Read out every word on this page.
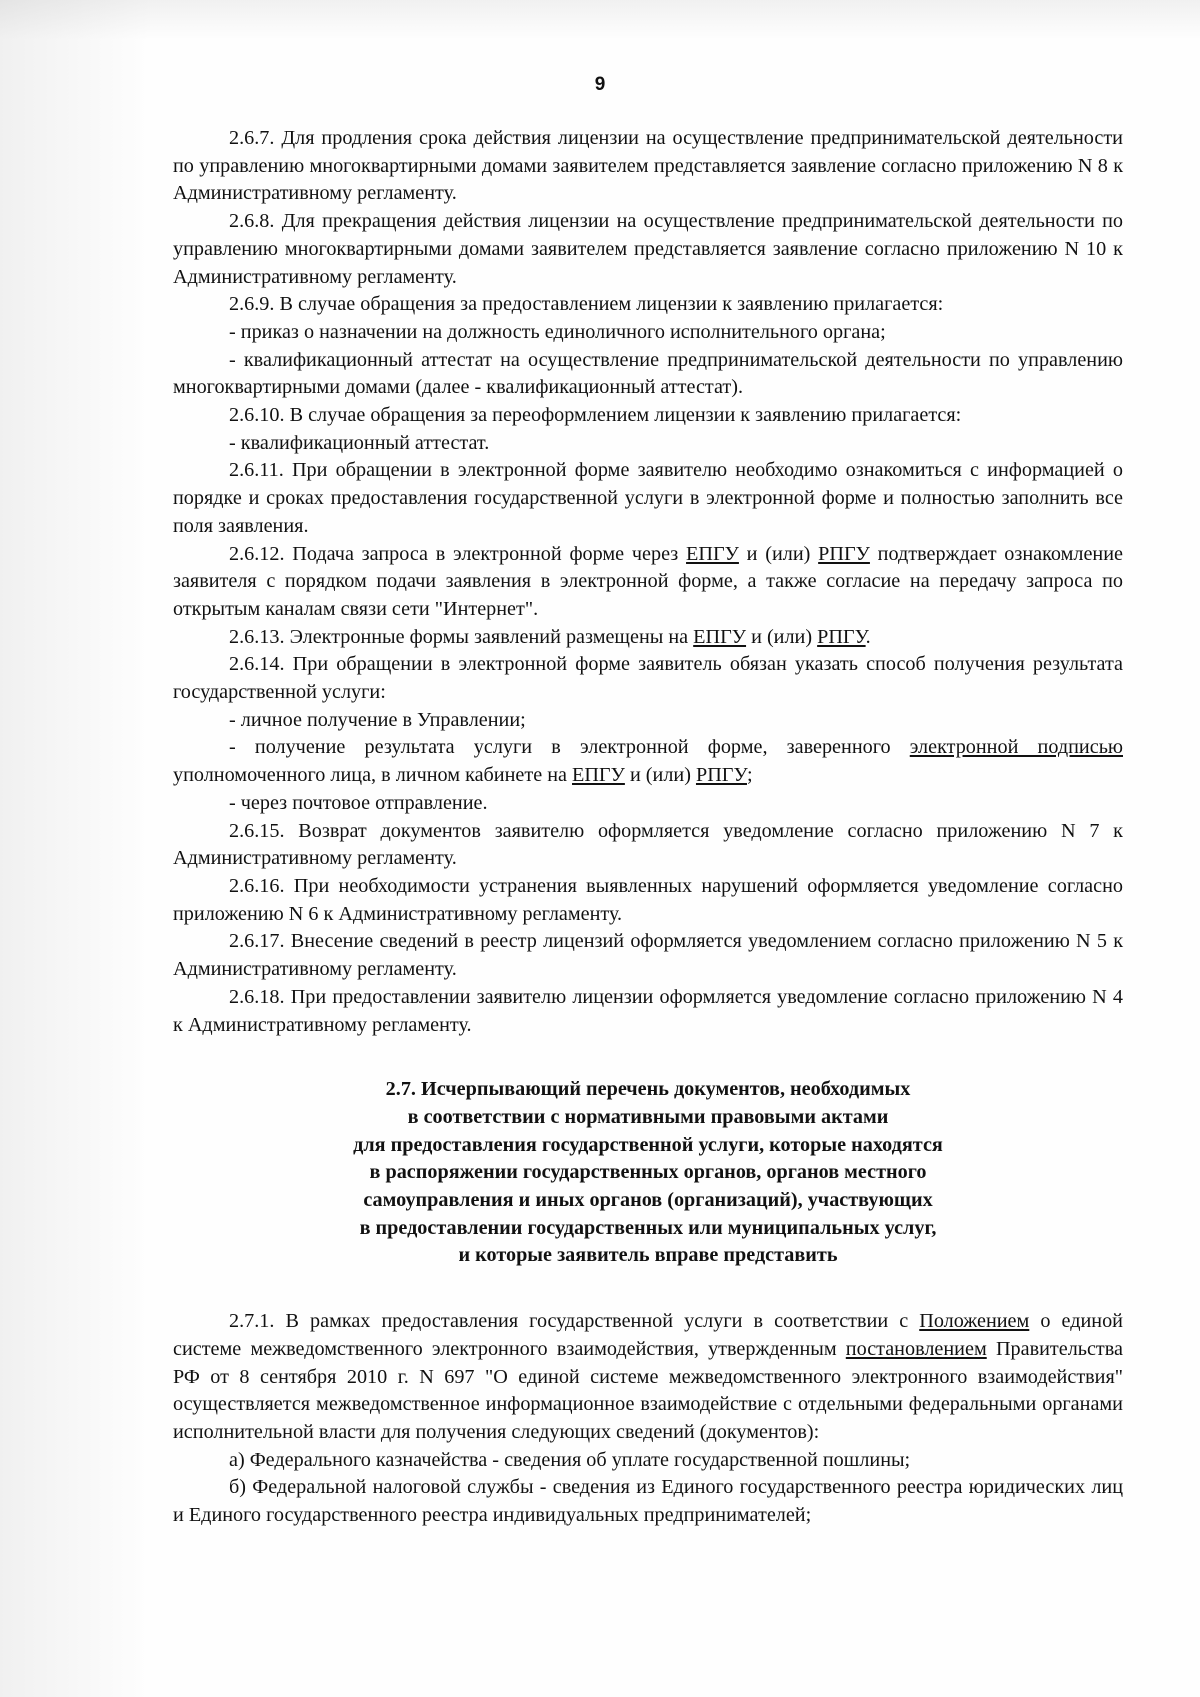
9

2.6.7. Для продления срока действия лицензии на осуществление предпринимательской деятельности по управлению многоквартирными домами заявителем представляется заявление согласно приложению N 8 к Административному регламенту.

2.6.8. Для прекращения действия лицензии на осуществление предпринимательской деятельности по управлению многоквартирными домами заявителем представляется заявление согласно приложению N 10 к Административному регламенту.

2.6.9. В случае обращения за предоставлением лицензии к заявлению прилагается:

- приказ о назначении на должность единоличного исполнительного органа;

- квалификационный аттестат на осуществление предпринимательской деятельности по управлению многоквартирными домами (далее - квалификационный аттестат).

2.6.10. В случае обращения за переоформлением лицензии к заявлению прилагается:

- квалификационный аттестат.

2.6.11. При обращении в электронной форме заявителю необходимо ознакомиться с информацией о порядке и сроках предоставления государственной услуги в электронной форме и полностью заполнить все поля заявления.

2.6.12. Подача запроса в электронной форме через ЕПГУ и (или) РПГУ подтверждает ознакомление заявителя с порядком подачи заявления в электронной форме, а также согласие на передачу запроса по открытым каналам связи сети "Интернет".

2.6.13. Электронные формы заявлений размещены на ЕПГУ и (или) РПГУ.

2.6.14. При обращении в электронной форме заявитель обязан указать способ получения результата государственной услуги:

- личное получение в Управлении;

- получение результата услуги в электронной форме, заверенного электронной подписью уполномоченного лица, в личном кабинете на ЕПГУ и (или) РПГУ;

- через почтовое отправление.

2.6.15. Возврат документов заявителю оформляется уведомление согласно приложению N 7 к Административному регламенту.

2.6.16. При необходимости устранения выявленных нарушений оформляется уведомление согласно приложению N 6 к Административному регламенту.

2.6.17. Внесение сведений в реестр лицензий оформляется уведомлением согласно приложению N 5 к Административному регламенту.

2.6.18. При предоставлении заявителю лицензии оформляется уведомление согласно приложению N 4 к Административному регламенту.

2.7. Исчерпывающий перечень документов, необходимых
в соответствии с нормативными правовыми актами
для предоставления государственной услуги, которые находятся
в распоряжении государственных органов, органов местного
самоуправления и иных органов (организаций), участвующих
в предоставлении государственных или муниципальных услуг,
и которые заявитель вправе представить

2.7.1. В рамках предоставления государственной услуги в соответствии с Положением о единой системе межведомственного электронного взаимодействия, утвержденным постановлением Правительства РФ от 8 сентября 2010 г. N 697 "О единой системе межведомственного электронного взаимодействия" осуществляется межведомственное информационное взаимодействие с отдельными федеральными органами исполнительной власти для получения следующих сведений (документов):

а) Федерального казначейства - сведения об уплате государственной пошлины;

б) Федеральной налоговой службы - сведения из Единого государственного реестра юридических лиц и Единого государственного реестра индивидуальных предпринимателей;
